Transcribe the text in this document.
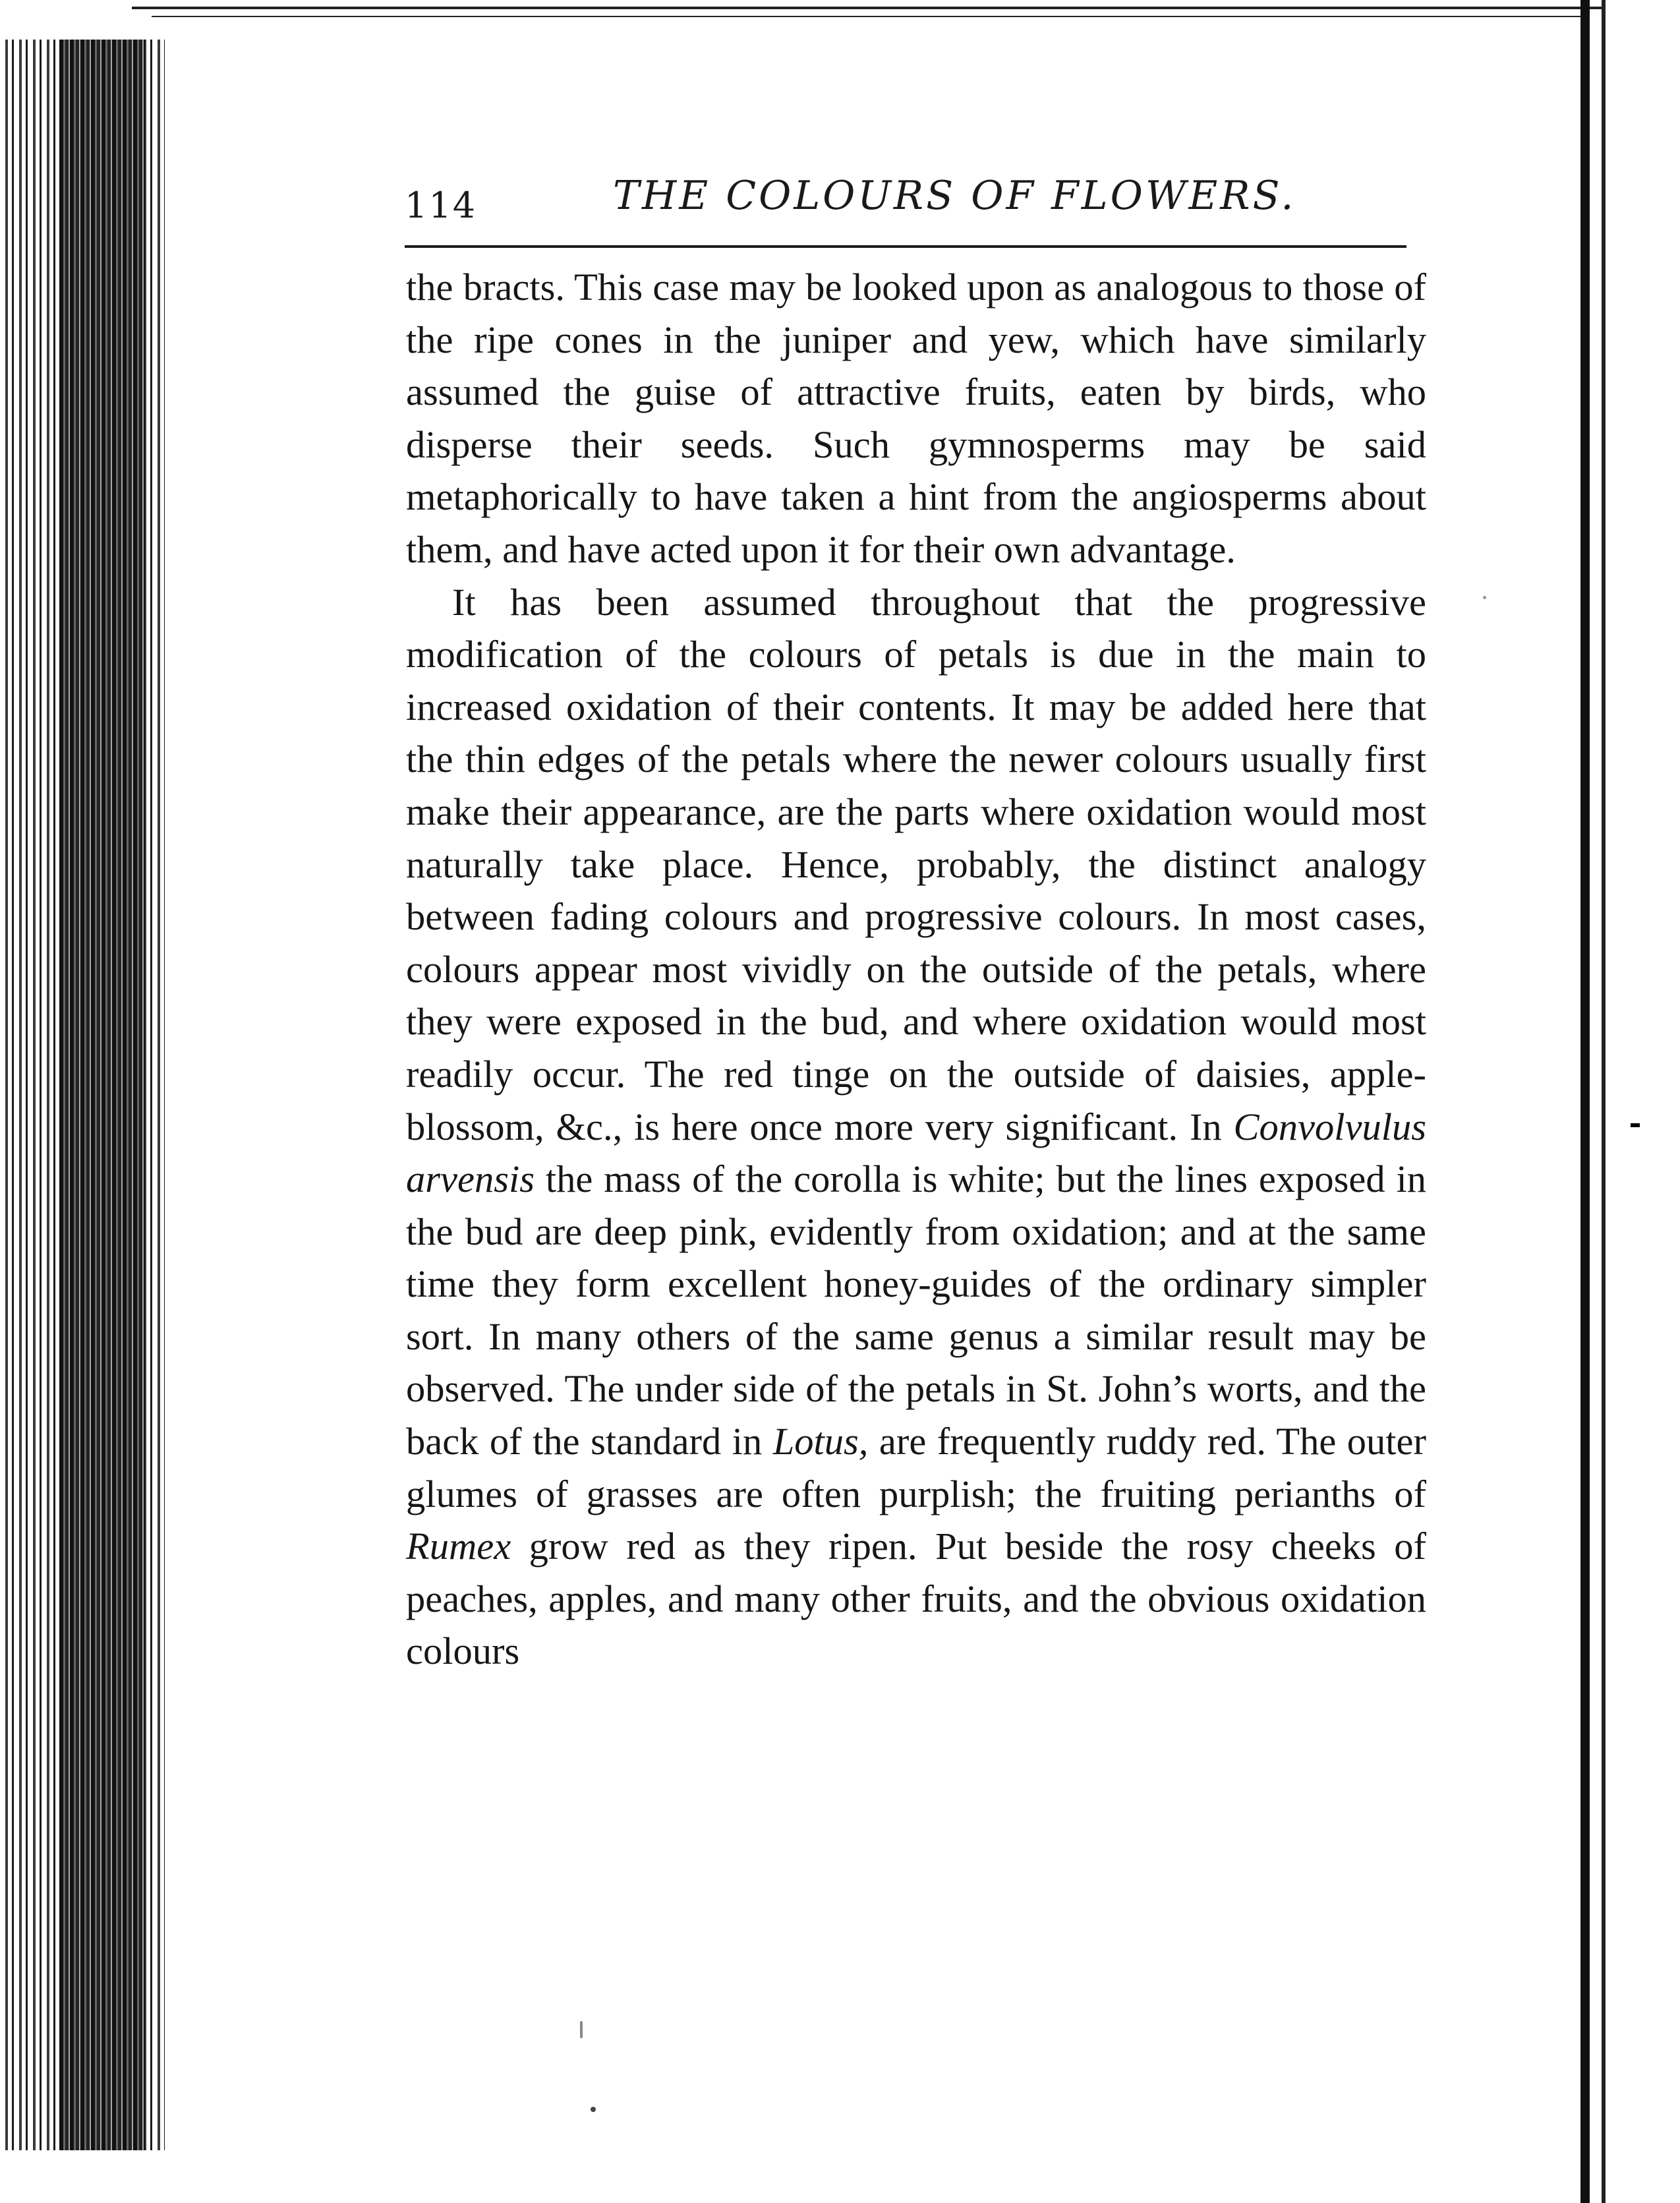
114	THE COLOURS OF FLOWERS.

the bracts. This case may be looked upon as analogous to those of the ripe cones in the juniper and yew, which have similarly assumed the guise of attractive fruits, eaten by birds, who disperse their seeds. Such gymnosperms may be said metaphorically to have taken a hint from the angiosperms about them, and have acted upon it for their own advantage.

It has been assumed throughout that the progressive modification of the colours of petals is due in the main to increased oxidation of their contents. It may be added here that the thin edges of the petals where the newer colours usually first make their appearance, are the parts where oxidation would most naturally take place. Hence, probably, the distinct analogy between fading colours and progressive colours. In most cases, colours appear most vividly on the outside of the petals, where they were exposed in the bud, and where oxidation would most readily occur. The red tinge on the outside of daisies, apple-blossom, &c., is here once more very significant. In Convolvulus arvensis the mass of the corolla is white; but the lines exposed in the bud are deep pink, evidently from oxidation; and at the same time they form excellent honey-guides of the ordinary simpler sort. In many others of the same genus a similar result may be observed. The under side of the petals in St. John’s worts, and the back of the standard in Lotus, are frequently ruddy red. The outer glumes of grasses are often purplish; the fruiting perianths of Rumex grow red as they ripen. Put beside the rosy cheeks of peaches, apples, and many other fruits, and the obvious oxidation colours
